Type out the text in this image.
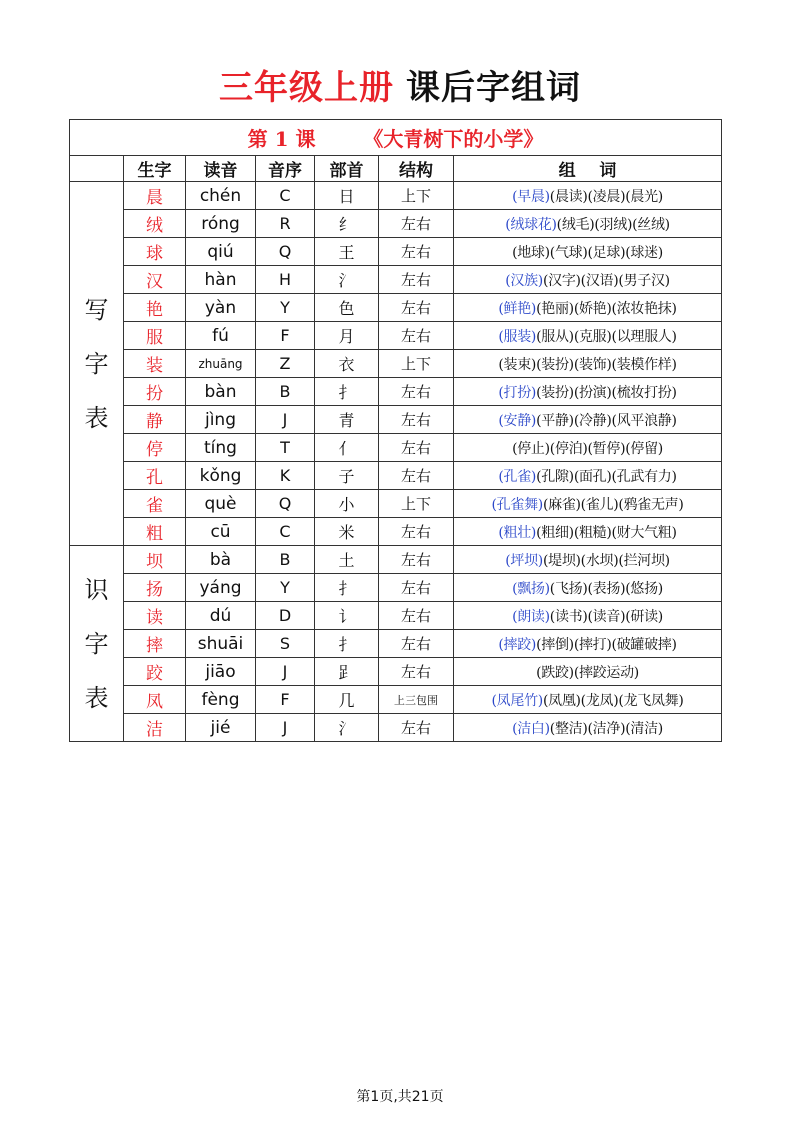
三年级上册 课后字组词
第 1 课 《大青树下的小学》						
	生字	读音	音序	部首	结构	组    词

写
字
表	晨	chén	C	日	上下	(早晨)(晨读)(凌晨)(晨光)
	绒	róng	R	纟	左右	(绒球花)(绒毛)(羽绒)(丝绒)
	球	qiú	Q	王	左右	(地球)(气球)(足球)(球迷)
	汉	hàn	H	氵	左右	(汉族)(汉字)(汉语)(男子汉)
	艳	yàn	Y	色	左右	(鲜艳)(艳丽)(娇艳)(浓妆艳抹)
	服	fú	F	月	左右	(服装)(服从)(克服)(以理服人)
	装	zhuāng	Z	衣	上下	(装束)(装扮)(装饰)(装模作样)
	扮	bàn	B	扌	左右	(打扮)(装扮)(扮演)(梳妆打扮)
	静	jìng	J	青	左右	(安静)(平静)(冷静)(风平浪静)
	停	tíng	T	亻	左右	(停止)(停泊)(暂停)(停留)
	孔	kǒng	K	子	左右	(孔雀)(孔隙)(面孔)(孔武有力)
	雀	què	Q	小	上下	(孔雀舞)(麻雀)(雀儿)(鸦雀无声)
	粗	cū	C	米	左右	(粗壮)(粗细)(粗糙)(财大气粗)

识
字
表	坝	bà	B	土	左右	(坪坝)(堤坝)(水坝)(拦河坝)
	扬	yáng	Y	扌	左右	(飘扬)(飞扬)(表扬)(悠扬)
	读	dú	D	讠	左右	(朗读)(读书)(读音)(研读)
	摔	shuāi	S	扌	左右	(摔跤)(摔倒)(摔打)(破罐破摔)
	跤	jiāo	J	𧾷	左右	(跌跤)(摔跤运动)
	凤	fèng	F	几	上三包围	(凤尾竹)(凤凰)(龙凤)(龙飞凤舞)
	洁	jié	J	氵	左右	(洁白)(整洁)(洁净)(清洁)
第1页,共21页
